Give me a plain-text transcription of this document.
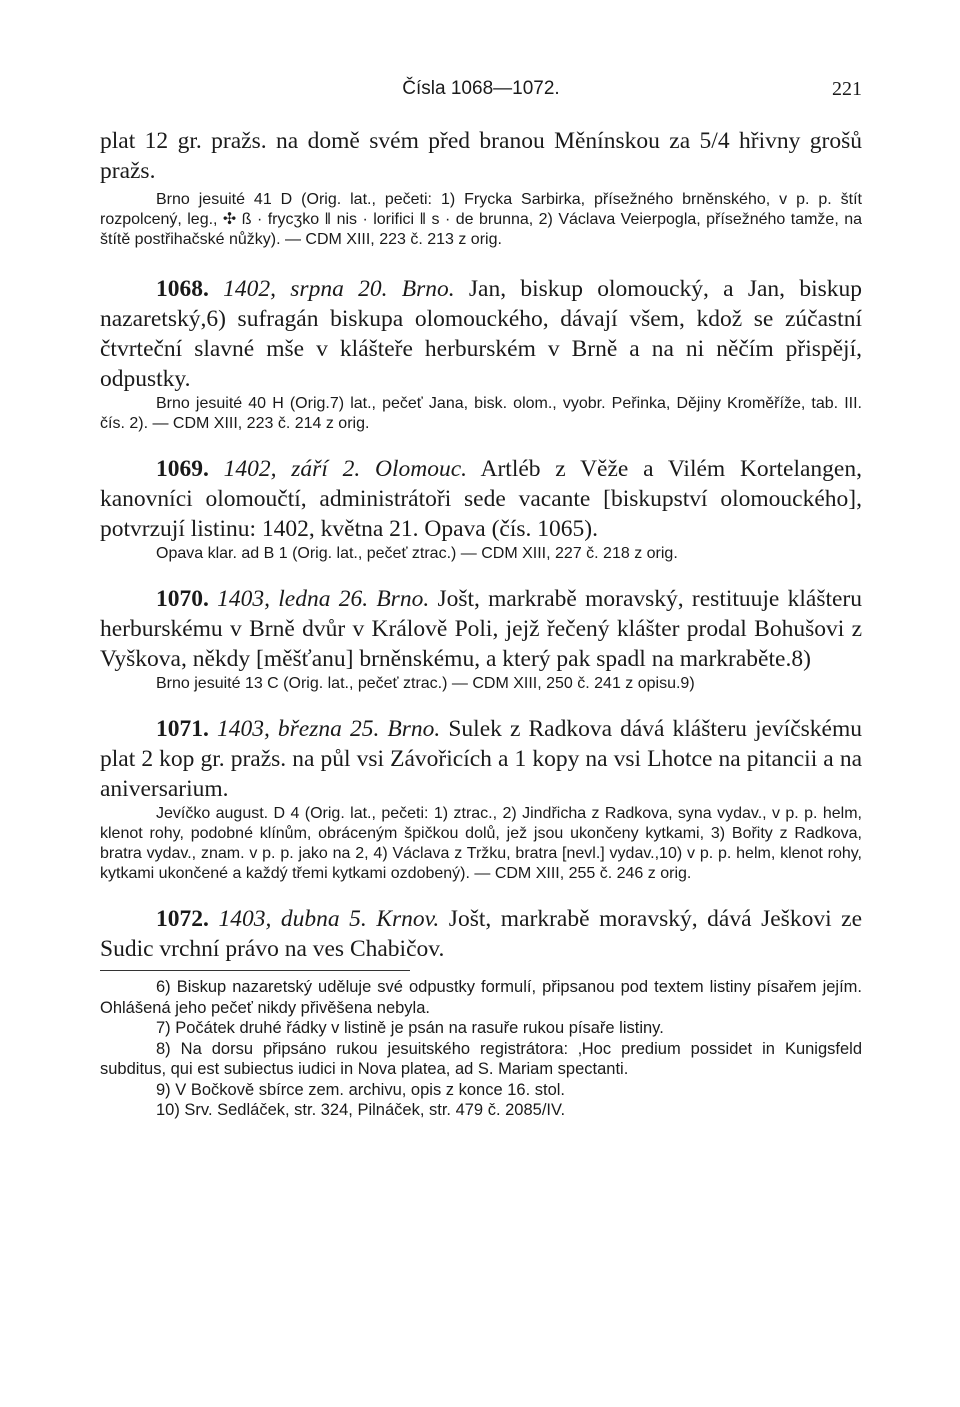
Čísla 1068—1072.	221

plat 12 gr. pražs. na domě svém před branou Měnínskou za 5/4 hřivny grošů pražs.

Brno jesuité 41 D (Orig. lat., pečeti: 1) Frycka Sarbirka, přísežného brněnského, v p. p. štít rozpolcený, leg., ✣ ß · frycʒko ‖ nis · lorifici ‖ s · de brunna, 2) Václava Veierpogla, přísežného tamže, na štítě postřihačské nůžky). — CDM XIII, 223 č. 213 z orig.

1068. 1402, srpna 20. Brno. Jan, biskup olomoucký, a Jan, biskup nazaretský,6) sufragán biskupa olomouckého, dávají všem, kdož se zúčastní čtvrteční slavné mše v klášteře herburském v Brně a na ni něčím přispějí, odpustky.

Brno jesuité 40 H (Orig.7) lat., pečeť Jana, bisk. olom., vyobr. Peřinka, Dějiny Kroměříže, tab. III. čís. 2). — CDM XIII, 223 č. 214 z orig.

1069. 1402, září 2. Olomouc. Artléb z Věže a Vilém Kortelangen, kanovníci olomoučtí, administrátoři sede vacante [biskupství olomouckého], potvrzují listinu: 1402, května 21. Opava (čís. 1065).

Opava klar. ad B 1 (Orig. lat., pečeť ztrac.) — CDM XIII, 227 č. 218 z orig.

1070. 1403, ledna 26. Brno. Jošt, markrabě moravský, restituuje klášteru herburskému v Brně dvůr v Králově Poli, jejž řečený klášter prodal Bohušovi z Vyškova, někdy [měšťanu] brněnskému, a který pak spadl na markraběte.8)

Brno jesuité 13 C (Orig. lat., pečeť ztrac.) — CDM XIII, 250 č. 241 z opisu.9)

1071. 1403, března 25. Brno. Sulek z Radkova dává klášteru jevíčskému plat 2 kop gr. pražs. na půl vsi Závořicích a 1 kopy na vsi Lhotce na pitancii a na aniversarium.

Jevíčko august. D 4 (Orig. lat., pečeti: 1) ztrac., 2) Jindřicha z Radkova, syna vydav., v p. p. helm, klenot rohy, podobné klínům, obráceným špičkou dolů, jež jsou ukončeny kytkami, 3) Bořity z Radkova, bratra vydav., znam. v p. p. jako na 2, 4) Václava z Tržku, bratra [nevl.] vydav.,10) v p. p. helm, klenot rohy, kytkami ukončené a každý třemi kytkami ozdobený). — CDM XIII, 255 č. 246 z orig.

1072. 1403, dubna 5. Krnov. Jošt, markrabě moravský, dává Ješkovi ze Sudic vrchní právo na ves Chabičov.

6) Biskup nazaretský uděluje své odpustky formulí, připsanou pod textem listiny písařem jejím. Ohlášená jeho pečeť nikdy přivěšena nebyla.

7) Počátek druhé řádky v listině je psán na rasuře rukou písaře listiny.

8) Na dorsu připsáno rukou jesuitského registrátora: ‚Hoc predium possidet in Kunigsfeld subditus, qui est subiectus iudici in Nova platea, ad S. Mariam spectanti.

9) V Bočkově sbírce zem. archivu, opis z konce 16. stol.

10) Srv. Sedláček, str. 324, Pilnáček, str. 479 č. 2085/IV.
